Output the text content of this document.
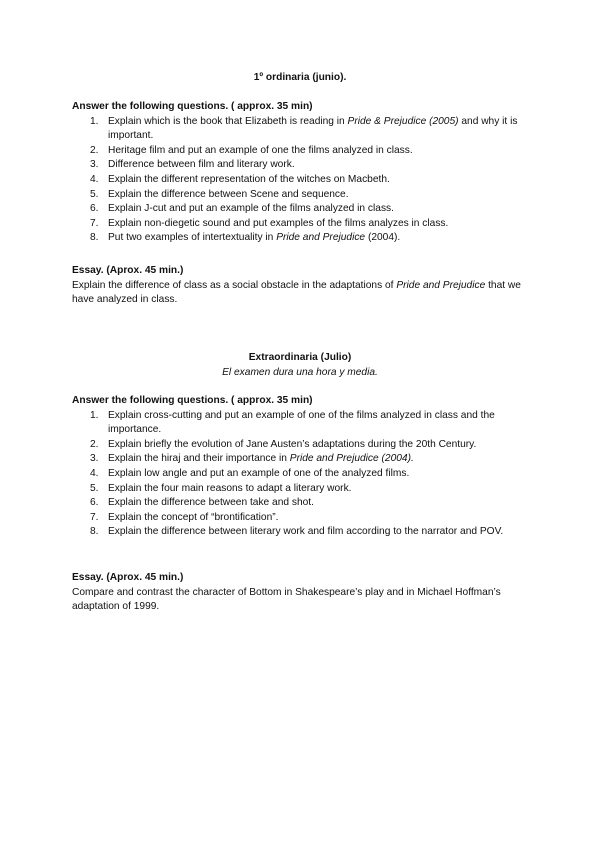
1º ordinaria (junio).
Answer the following questions. ( approx. 35 min)
1. Explain which is the book that Elizabeth is reading in Pride & Prejudice (2005) and why it is important.
2. Heritage film and put an example of one the films analyzed in class.
3. Difference between film and literary work.
4. Explain the different representation of the witches on Macbeth.
5. Explain the difference between Scene and sequence.
6. Explain J-cut and put an example of the films analyzed in class.
7. Explain non-diegetic sound and put examples of the films analyzes in class.
8. Put two examples of intertextuality in Pride and Prejudice (2004).
Essay. (Aprox. 45 min.)

Explain the difference of class as a social obstacle in the adaptations of Pride and Prejudice that we have analyzed in class.

Extraordinaria (Julio)

El examen dura una hora y media.

Answer the following questions. ( approx. 35 min)
1. Explain cross-cutting and put an example of one of the films analyzed in class and the importance.
2. Explain briefly the evolution of Jane Austen’s adaptations during the 20th Century.
3. Explain the hiraj and their importance in Pride and Prejudice (2004).
4. Explain low angle and put an example of one of the analyzed films.
5. Explain the four main reasons to adapt a literary work.
6. Explain the difference between take and shot.
7. Explain the concept of “brontification”.
8. Explain the difference between literary work and film according to the narrator and POV.
Essay. (Aprox. 45 min.)

Compare and contrast the character of Bottom in Shakespeare’s play and in Michael Hoffman’s adaptation of 1999.
